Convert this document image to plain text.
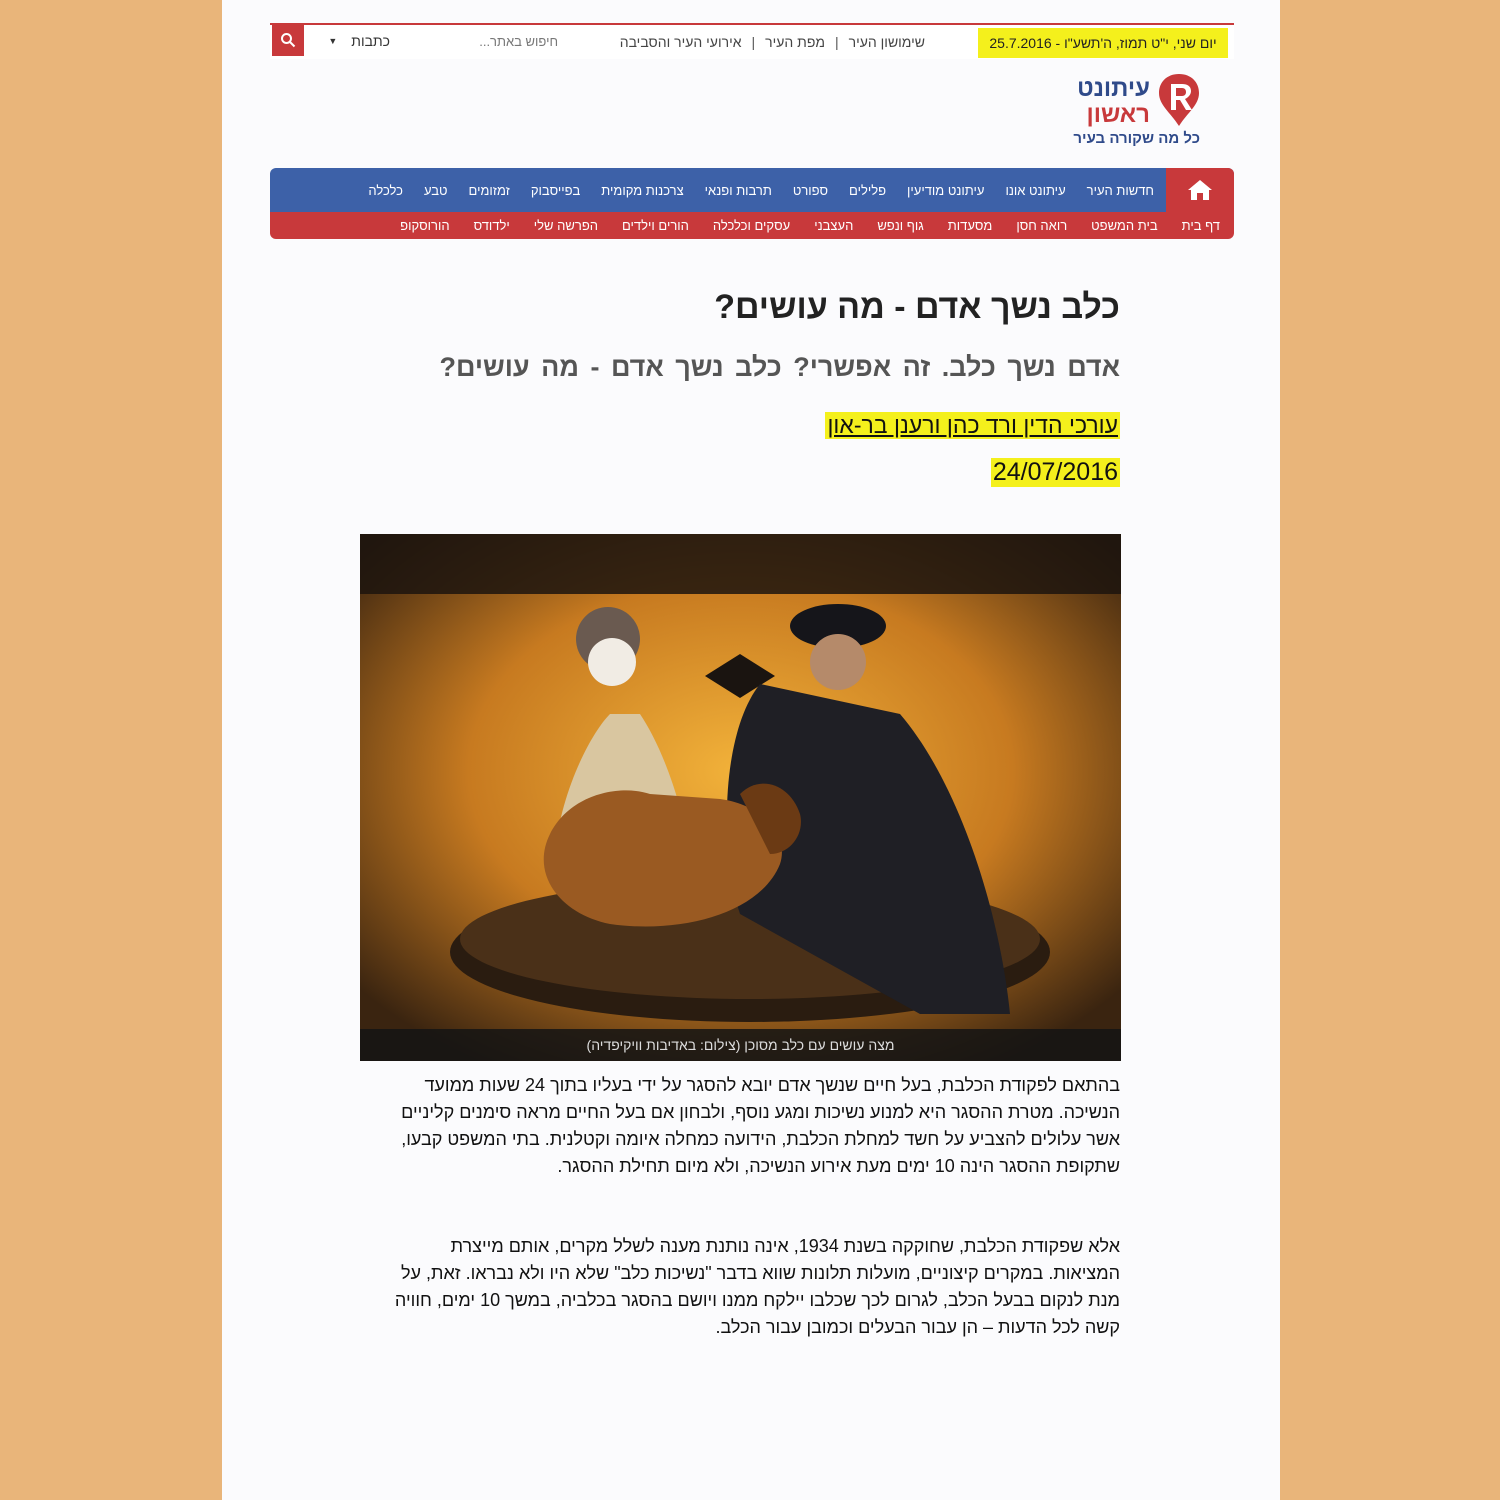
כתבות
▼
חיפוש באתר...	שימושון העיר
|
מפת העיר
|
אירועי העיר והסביבה	יום שני, י"ט תמוז, ה'תשע"ו - 25.7.2016
עיתונט
ראשון
כל מה שקורה בעיר
חדשות העיר
עיתונט אונו
עיתונט מודיעין
פלילים
ספורט
תרבות ופנאי
צרכנות מקומית
בפייסבוק
זמזומים
טבע
כלכלה
דף בית
בית המשפט
רואה חסן
מסעדות
גוף ונפש
העצבני
עסקים וכלכלה
הורים וילדים
הפרשה שלי
ילדודס
הורוסקופ
כלב נשך אדם - מה עושים?
אדם נשך כלב. זה אפשרי? כלב נשך אדם - מה עושים?
עורכי הדין ורד כהן ורענן בר-און
24/07/2016
מצה עושים עם כלב מסוכן (צילום: באדיבות וויקיפדיה)

בהתאם לפקודת הכלבת, בעל חיים שנשך אדם יובא להסגר על ידי בעליו בתוך 24 שעות ממועד הנשיכה. מטרת ההסגר היא למנוע נשיכות ומגע נוסף, ולבחון אם בעל החיים מראה סימנים קליניים אשר עלולים להצביע על חשד למחלת הכלבת, הידועה כמחלה איומה וקטלנית. בתי המשפט קבעו, שתקופת ההסגר הינה 10 ימים מעת אירוע הנשיכה, ולא מיום תחילת ההסגר.

אלא שפקודת הכלבת, שחוקקה בשנת 1934, אינה נותנת מענה לשלל מקרים, אותם מייצרת המציאות. במקרים קיצוניים, מועלות תלונות שווא בדבר "נשיכות כלב" שלא היו ולא נבראו. זאת, על מנת לנקום בבעל הכלב, לגרום לכך שכלבו יילקח ממנו ויושם בהסגר בכלביה, במשך 10 ימים, חוויה קשה לכל הדעות – הן עבור הבעלים וכמובן עבור הכלב.
